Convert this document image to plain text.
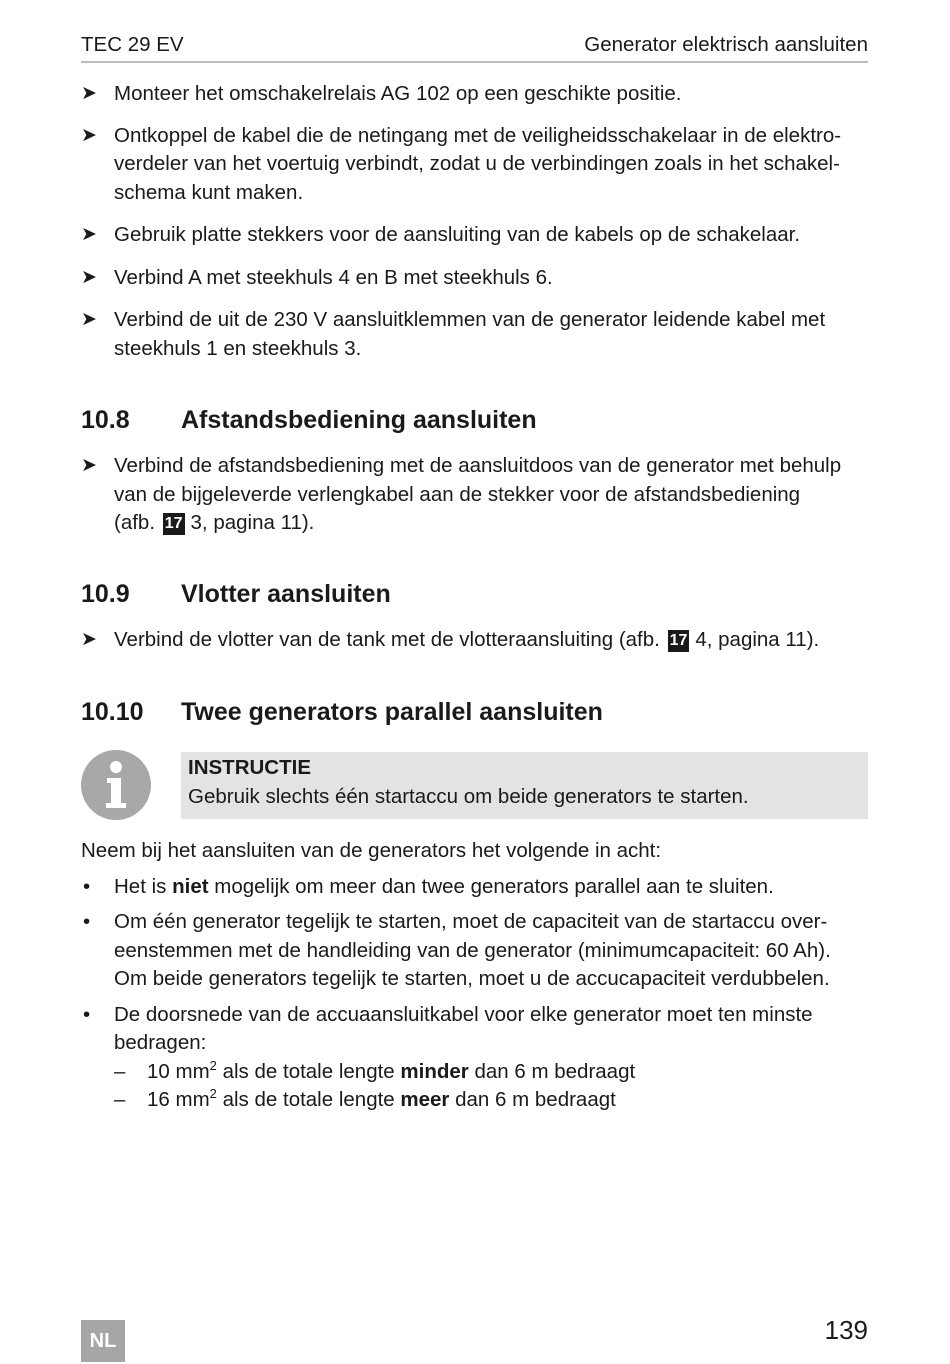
TEC 29 EV	Generator elektrisch aansluiten
➤ Monteer het omschakelrelais AG 102 op een geschikte positie.
➤ Ontkoppel de kabel die de netingang met de veiligheidsschakelaar in de elektro-
verdeler van het voertuig verbindt, zodat u de verbindingen zoals in het schakel-
schema kunt maken.
➤ Gebruik platte stekkers voor de aansluiting van de kabels op de schakelaar.
➤ Verbind A met steekhuls 4 en B met steekhuls 6.
➤ Verbind de uit de 230 V aansluitklemmen van de generator leidende kabel met
steekhuls 1 en steekhuls 3.
10.8 Afstandsbediening aansluiten
➤ Verbind de afstandsbediening met de aansluitdoos van de generator met behulp
van de bijgeleverde verlengkabel aan de stekker voor de afstandsbediening
(afb. 17 3, pagina 11).
10.9 Vlotter aansluiten
➤ Verbind de vlotter van de tank met de vlotteraansluiting (afb. 17 4, pagina 11).
10.10 Twee generators parallel aansluiten
INSTRUCTIE
Gebruik slechts één startaccu om beide generators te starten.
Neem bij het aansluiten van de generators het volgende in acht:
• Het is niet mogelijk om meer dan twee generators parallel aan te sluiten.
• Om één generator tegelijk te starten, moet de capaciteit van de startaccu over-
eenstemmen met de handleiding van de generator (minimumcapaciteit: 60 Ah).
Om beide generators tegelijk te starten, moet u de accucapaciteit verdubbelen.
• De doorsnede van de accuaansluitkabel voor elke generator moet ten minste
bedragen:
– 10 $mm^2$ als de totale lengte minder dan 6 m bedraagt
– 16 $mm^2$ als de totale lengte meer dan 6 m bedraagt
NL	139
